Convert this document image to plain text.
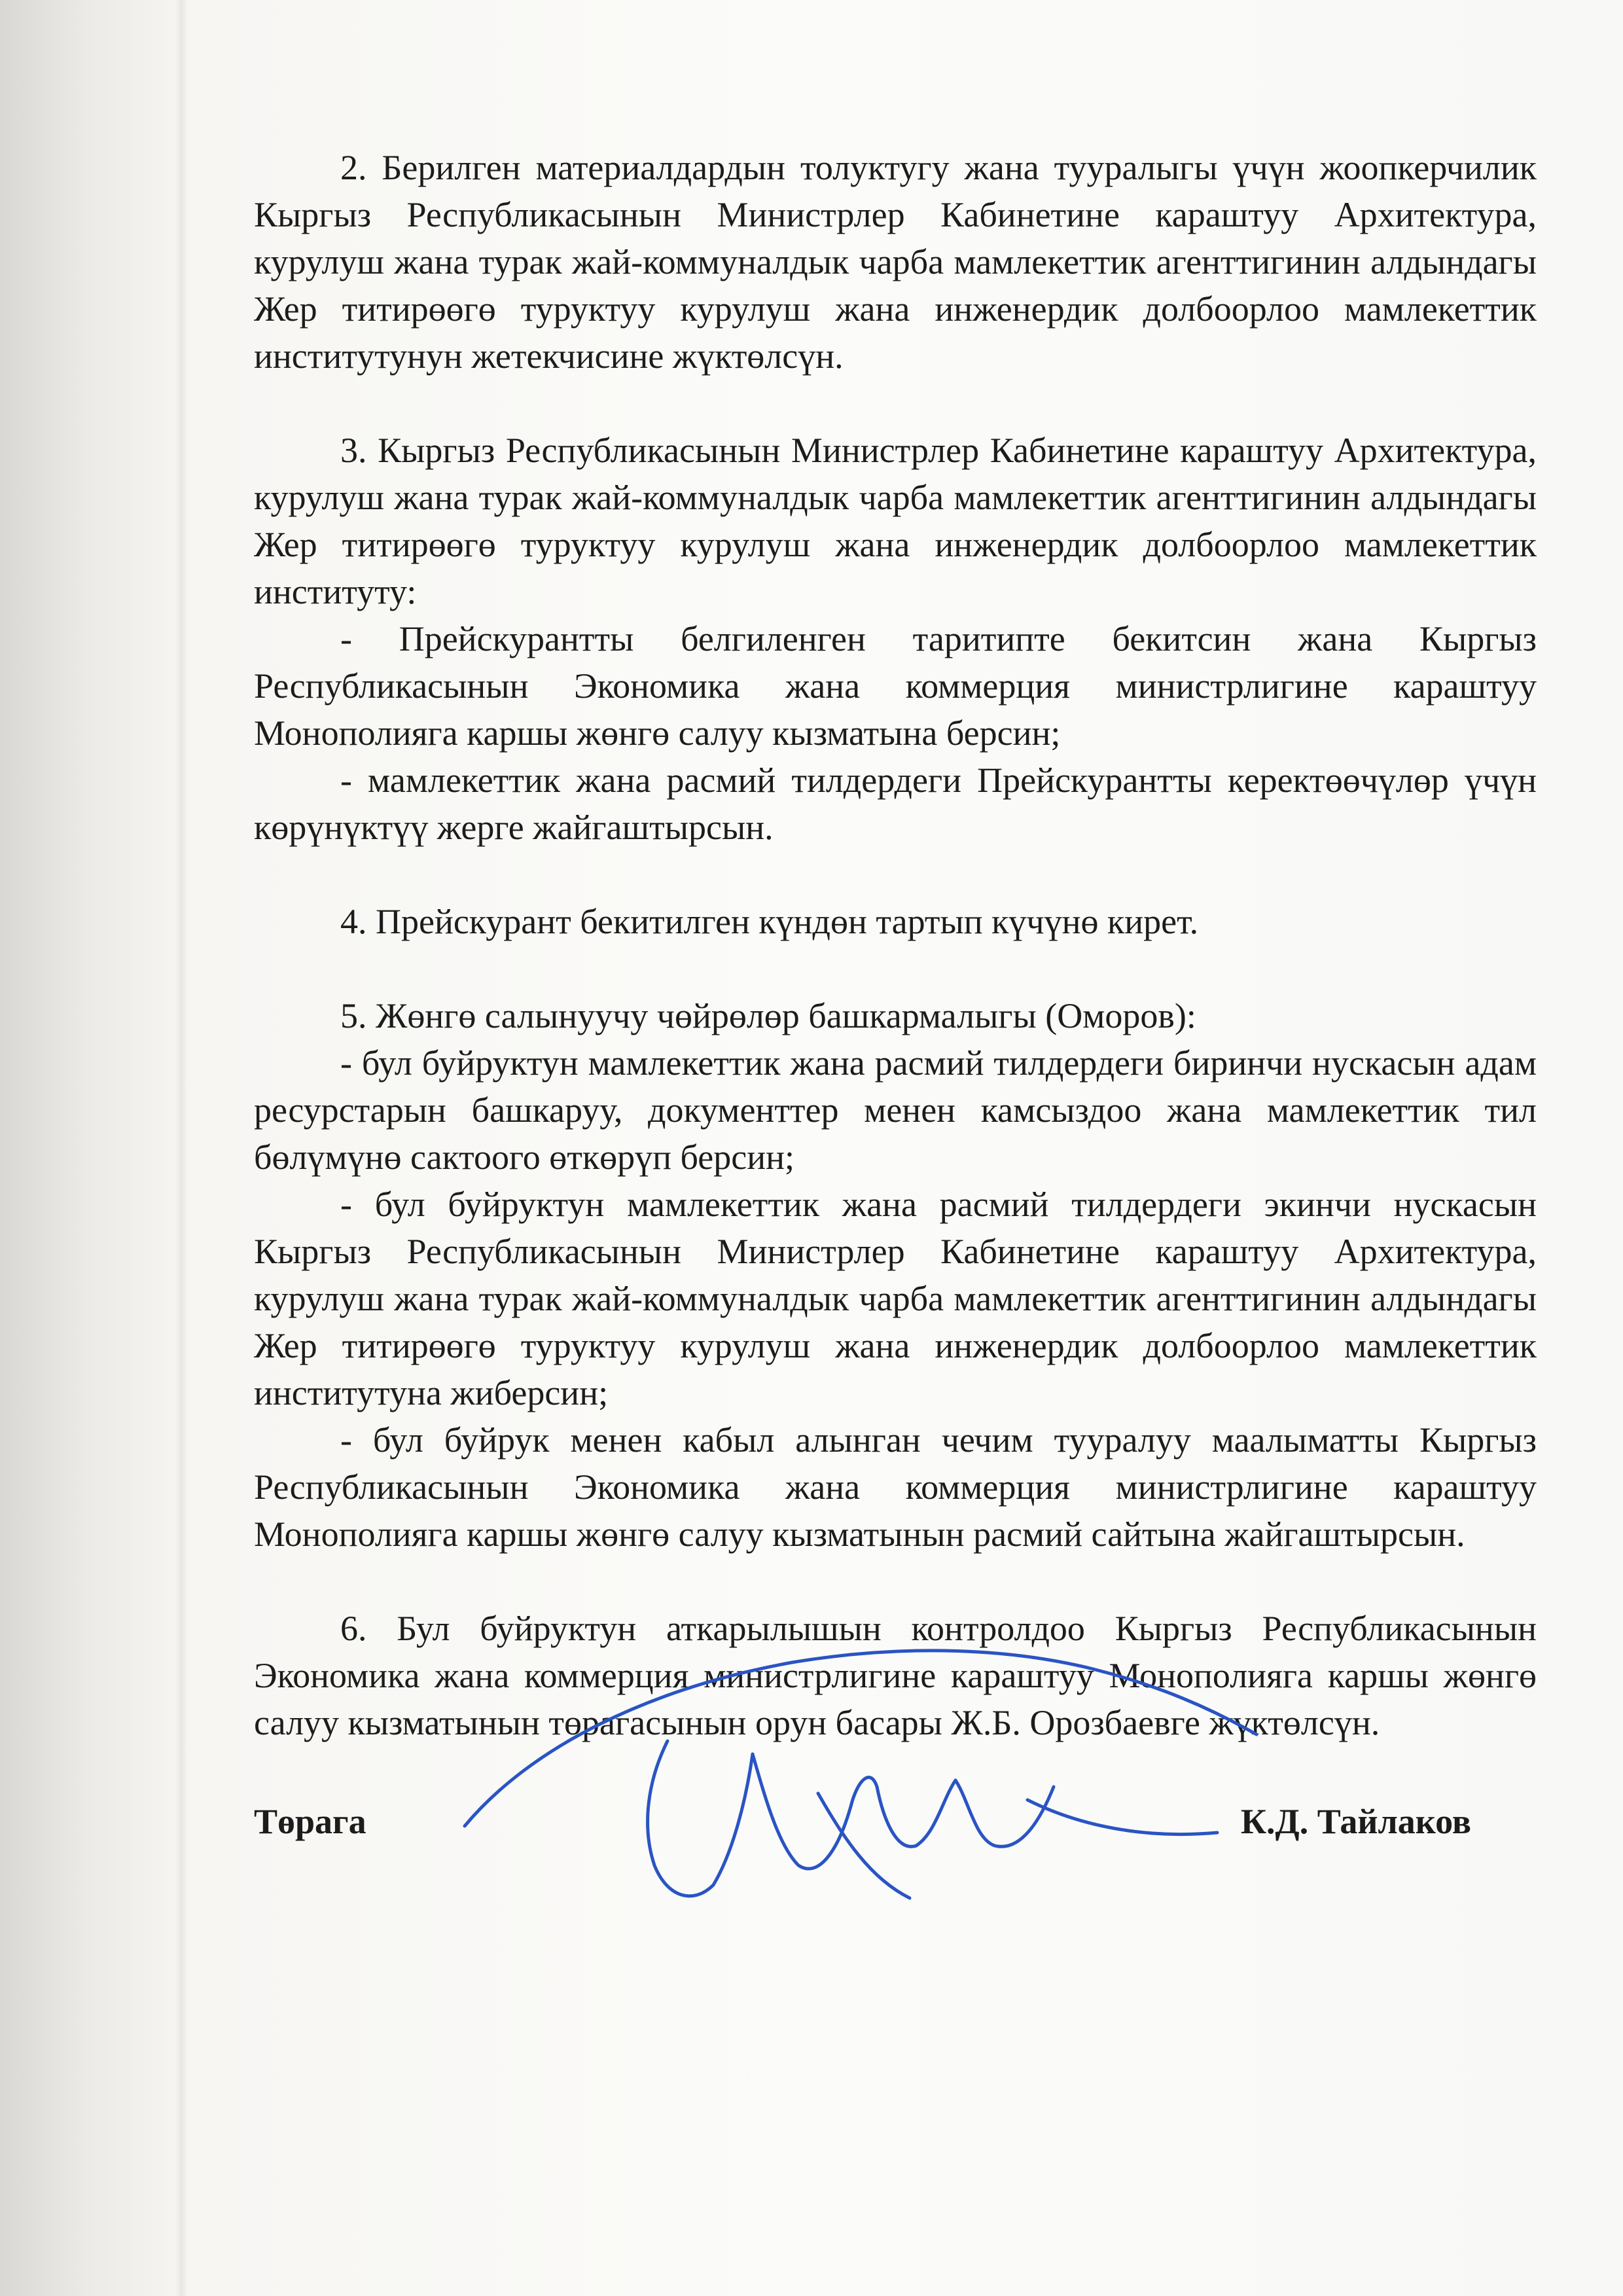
2. Берилген материалдардын толуктугу жана тууралыгы үчүн жоопкерчилик Кыргыз Республикасынын Министрлер Кабинетине караштуу Архитектура, курулуш жана турак жай-коммуналдык чарба мамлекеттик агенттигинин алдындагы Жер титирөөгө туруктуу курулуш жана инженердик долбоорлоо мамлекеттик институтунун жетекчисине жүктөлсүн.

3. Кыргыз Республикасынын Министрлер Кабинетине караштуу Архитектура, курулуш жана турак жай-коммуналдык чарба мамлекеттик агенттигинин алдындагы Жер титирөөгө туруктуу курулуш жана инженердик долбоорлоо мамлекеттик институту:

- Прейскурантты белгиленген таритипте бекитсин жана Кыргыз Республикасынын Экономика жана коммерция министрлигине караштуу Монополияга каршы жөнгө салуу кызматына берсин;

- мамлекеттик жана расмий тилдердеги Прейскурантты керектөөчүлөр үчүн көрүнүктүү жерге жайгаштырсын.

4. Прейскурант бекитилген күндөн тартып күчүнө кирет.

5. Жөнгө салынуучу чөйрөлөр башкармалыгы (Оморов):

- бул буйруктун мамлекеттик жана расмий тилдердеги биринчи нускасын адам ресурстарын башкаруу, документтер менен камсыздоо жана мамлекеттик тил бөлүмүнө сактоого өткөрүп берсин;

- бул буйруктун мамлекеттик жана расмий тилдердеги экинчи нускасын Кыргыз Республикасынын Министрлер Кабинетине караштуу Архитектура, курулуш жана турак жай-коммуналдык чарба мамлекеттик агенттигинин алдындагы Жер титирөөгө туруктуу курулуш жана инженердик долбоорлоо мамлекеттик институтуна жиберсин;

- бул буйрук менен кабыл алынган чечим тууралуу маалыматты Кыргыз Республикасынын Экономика жана коммерция министрлигине караштуу Монополияга каршы жөнгө салуу кызматынын расмий сайтына жайгаштырсын.

6. Бул буйруктун аткарылышын контролдоо Кыргыз Республикасынын Экономика жана коммерция министрлигине караштуу Монополияга каршы жөнгө салуу кызматынын төрагасынын орун басары Ж.Б. Орозбаевге жүктөлсүн.

Төрага	К.Д. Тайлаков
